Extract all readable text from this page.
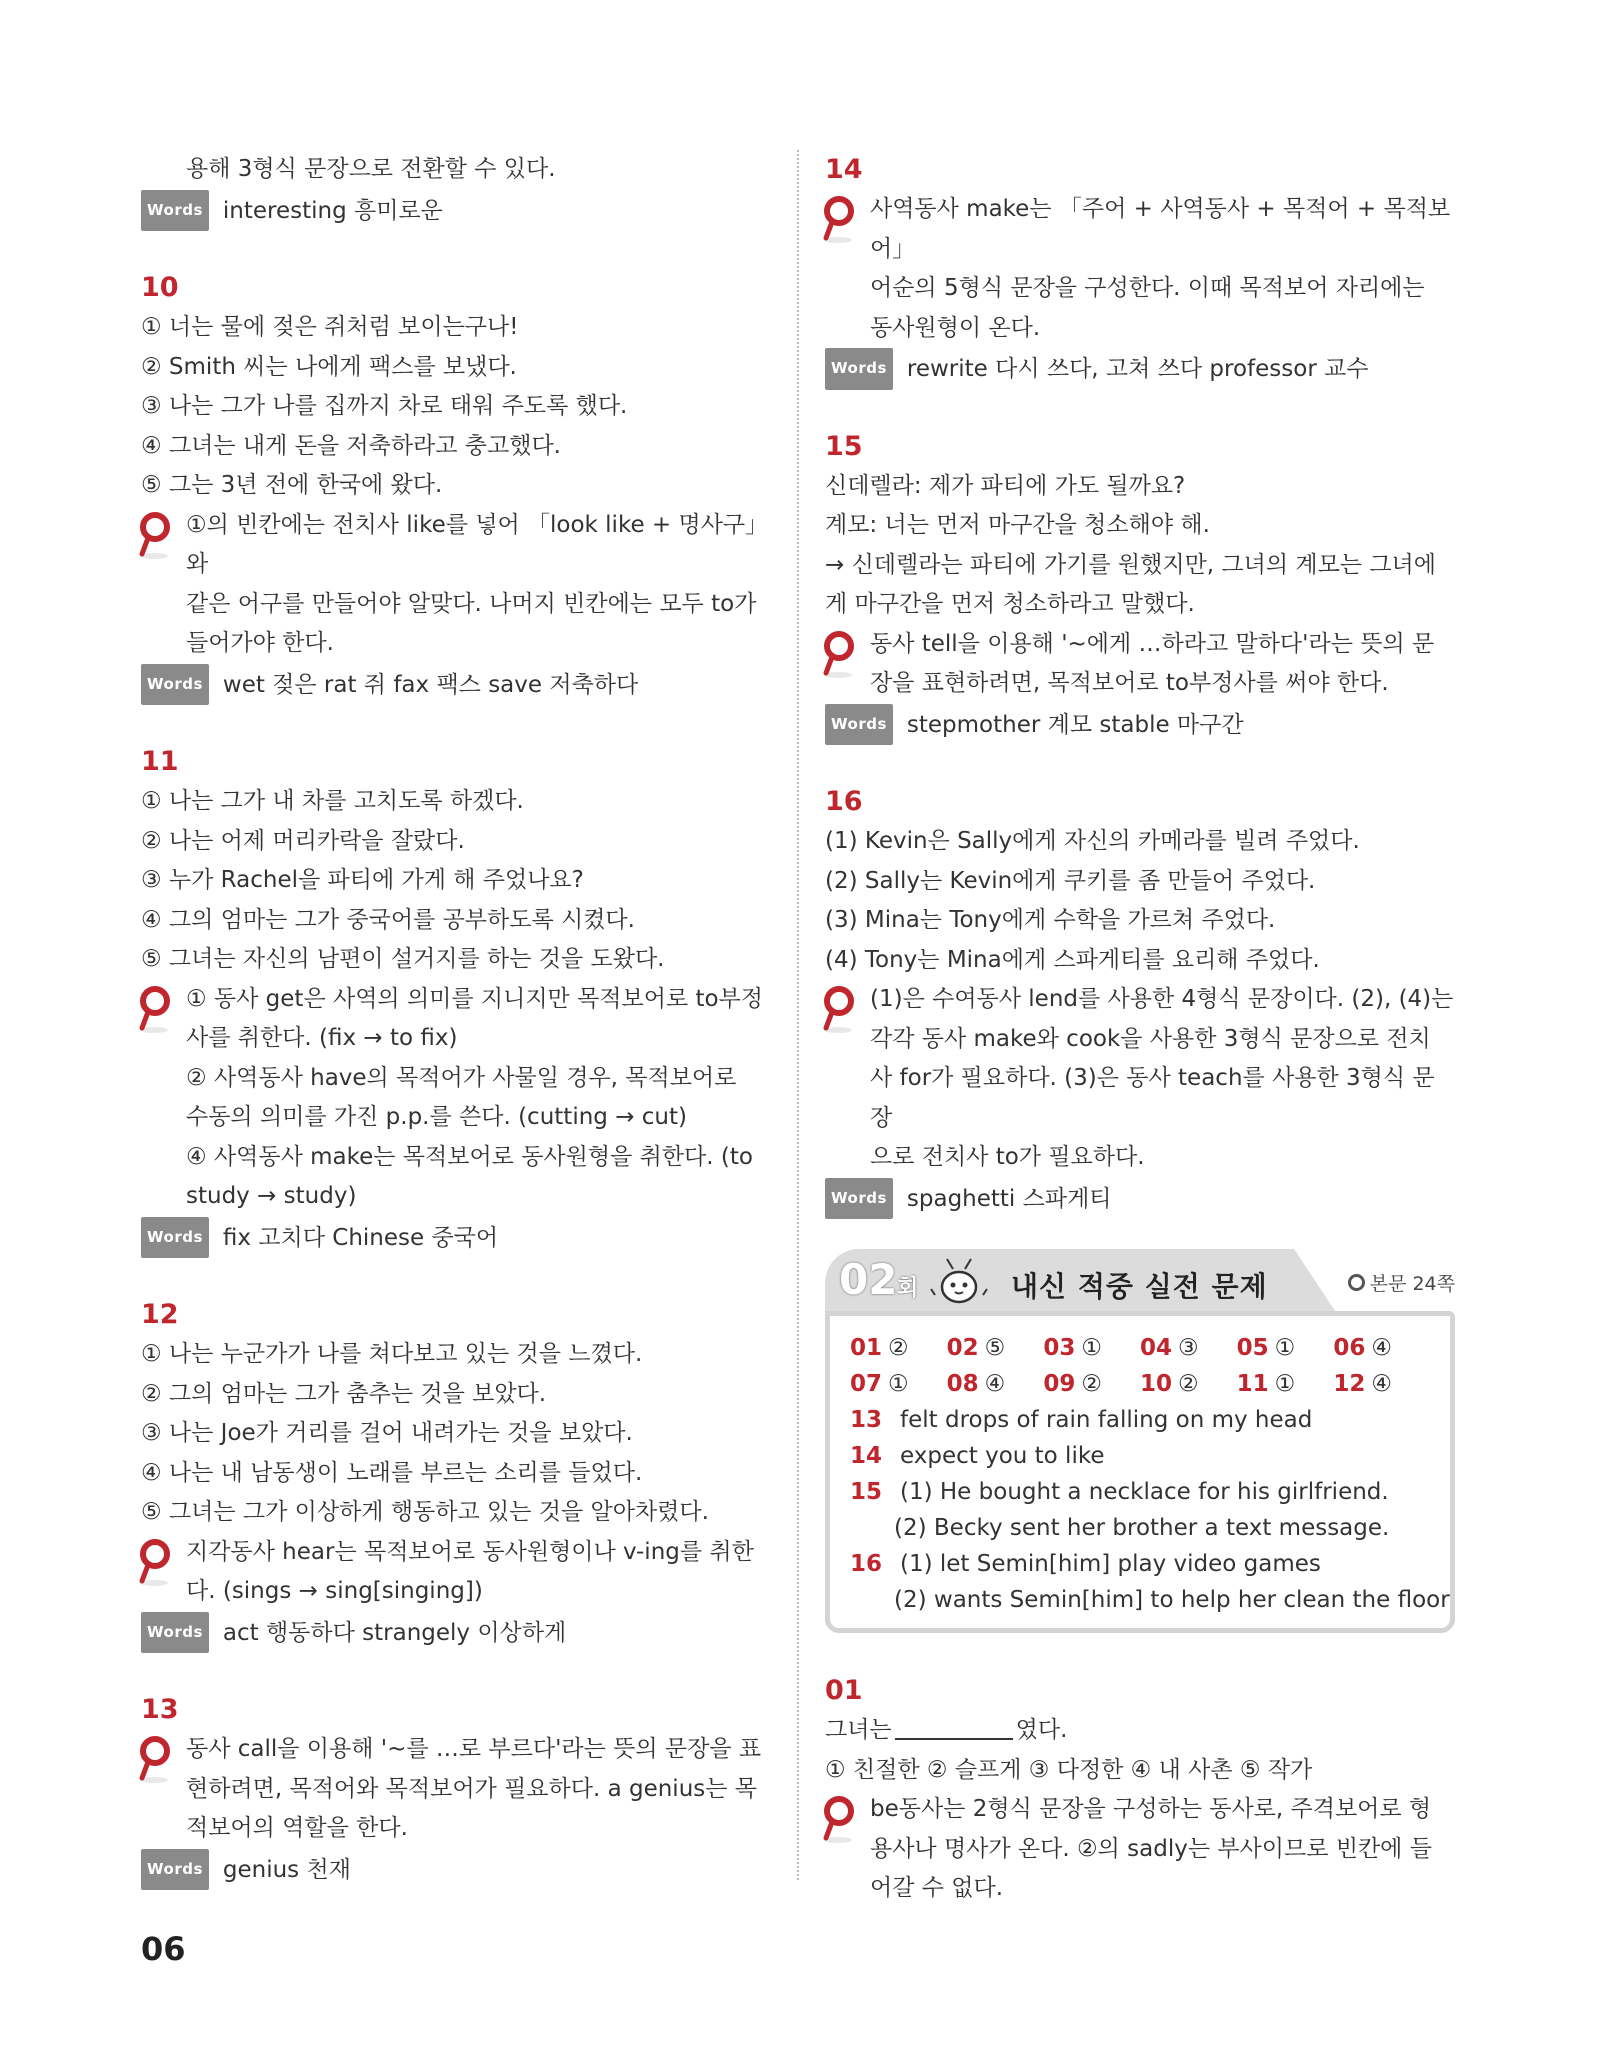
용해 3형식 문장으로 전환할 수 있다.

Words interesting 흥미로운

10

① 너는 물에 젖은 쥐처럼 보이는구나!

② Smith 씨는 나에게 팩스를 보냈다.

③ 나는 그가 나를 집까지 차로 태워 주도록 했다.

④ 그녀는 내게 돈을 저축하라고 충고했다.

⑤ 그는 3년 전에 한국에 왔다.

①의 빈칸에는 전치사 like를 넣어 「look like + 명사구」와

같은 어구를 만들어야 알맞다. 나머지 빈칸에는 모두 to가

들어가야 한다.

Words wet 젖은 rat 쥐 fax 팩스 save 저축하다

11

① 나는 그가 내 차를 고치도록 하겠다.

② 나는 어제 머리카락을 잘랐다.

③ 누가 Rachel을 파티에 가게 해 주었나요?

④ 그의 엄마는 그가 중국어를 공부하도록 시켰다.

⑤ 그녀는 자신의 남편이 설거지를 하는 것을 도왔다.

① 동사 get은 사역의 의미를 지니지만 목적보어로 to부정

사를 취한다. (fix → to fix)

② 사역동사 have의 목적어가 사물일 경우, 목적보어로

수동의 의미를 가진 p.p.를 쓴다. (cutting → cut)

④ 사역동사 make는 목적보어로 동사원형을 취한다. (to

study → study)

Words fix 고치다 Chinese 중국어

12

① 나는 누군가가 나를 쳐다보고 있는 것을 느꼈다.

② 그의 엄마는 그가 춤추는 것을 보았다.

③ 나는 Joe가 거리를 걸어 내려가는 것을 보았다.

④ 나는 내 남동생이 노래를 부르는 소리를 들었다.

⑤ 그녀는 그가 이상하게 행동하고 있는 것을 알아차렸다.

지각동사 hear는 목적보어로 동사원형이나 v-ing를 취한

다. (sings → sing[singing])

Words act 행동하다 strangely 이상하게

13

동사 call을 이용해 '~를 …로 부르다'라는 뜻의 문장을 표

현하려면, 목적어와 목적보어가 필요하다. a genius는 목

적보어의 역할을 한다.

Words genius 천재

14

사역동사 make는 「주어 + 사역동사 + 목적어 + 목적보어」

어순의 5형식 문장을 구성한다. 이때 목적보어 자리에는

동사원형이 온다.

Words rewrite 다시 쓰다, 고쳐 쓰다 professor 교수

15

신데렐라: 제가 파티에 가도 될까요?

계모: 너는 먼저 마구간을 청소해야 해.

→ 신데렐라는 파티에 가기를 원했지만, 그녀의 계모는 그녀에

게 마구간을 먼저 청소하라고 말했다.

동사 tell을 이용해 '~에게 …하라고 말하다'라는 뜻의 문

장을 표현하려면, 목적보어로 to부정사를 써야 한다.

Words stepmother 계모 stable 마구간

16

(1) Kevin은 Sally에게 자신의 카메라를 빌려 주었다.

(2) Sally는 Kevin에게 쿠키를 좀 만들어 주었다.

(3) Mina는 Tony에게 수학을 가르쳐 주었다.

(4) Tony는 Mina에게 스파게티를 요리해 주었다.

(1)은 수여동사 lend를 사용한 4형식 문장이다. (2), (4)는

각각 동사 make와 cook을 사용한 3형식 문장으로 전치

사 for가 필요하다. (3)은 동사 teach를 사용한 3형식 문장

으로 전치사 to가 필요하다.

Words spaghetti 스파게티

02 회	내신 적중 실전 문제	본문 24쪽
01 ②	02 ⑤	03 ①	04 ③	05 ①	06 ④
07 ①	08 ④	09 ②	10 ②	11 ①	12 ④
13 felt drops of rain falling on my head
14 expect you to like
15 (1) He bought a necklace for his girlfriend.
(2) Becky sent her brother a text message.
16 (1) let Semin[him] play video games
(2) wants Semin[him] to help her clean the floor

01

그녀는	였다.

① 친절한 ② 슬프게 ③ 다정한 ④ 내 사촌 ⑤ 작가

be동사는 2형식 문장을 구성하는 동사로, 주격보어로 형

용사나 명사가 온다. ②의 sadly는 부사이므로 빈칸에 들

어갈 수 없다.

06
